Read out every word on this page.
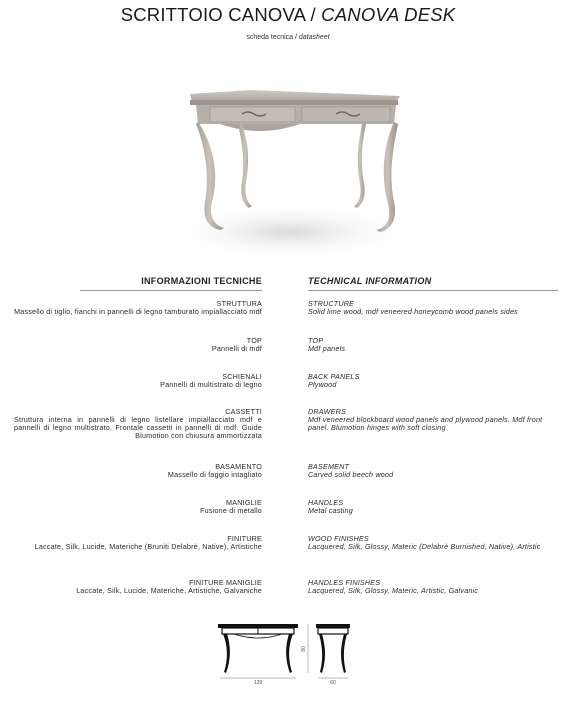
SCRITTOIO CANOVA / CANOVA DESK
scheda tecnica / datasheet
INFORMAZIONI TECNICHE	TECHNICAL INFORMATION
STRUTTURA
Massello di tiglio, fianchi in pannelli di legno tamburato impiallacciato mdf
STRUCTURE
Solid lime wood, mdf veneered honeycomb wood panels sides
TOP
Pannelli di mdf
TOP
Mdf panels
SCHIENALI
Pannelli di multistrato di legno
BACK PANELS
Plywood
CASSETTI
Struttura interna in pannelli di legno listellare impiallacciato mdf e pannelli di legno multistrato. Frontale cassetti in pannelli di mdf. Guide Blumotion con chiusura ammortizzata
DRAWERS
Mdf veneered blockboard wood panels and plywood panels. Mdf front panel. Blumotion hinges with soft closing
BASAMENTO
Massello di faggio intagliato
BASEMENT
Carved solid beech wood
MANIGLIE
Fusione di metallo
HANDLES
Metal casting
FINITURE
Laccate, Silk, Lucide, Materiche (Bruniti Delabrè, Native), Artistiche
WOOD FINISHES
Lacquered, Silk, Glossy, Materic (Delabrè Burnished, Native), Artistic
FINITURE MANIGLIE
Laccate, Silk, Lucide, Materiche, Artistiche, Galvaniche
HANDLES FINISHES
Lacquered, Silk, Glossy, Materic, Artistic, Galvanic
139
80
60
